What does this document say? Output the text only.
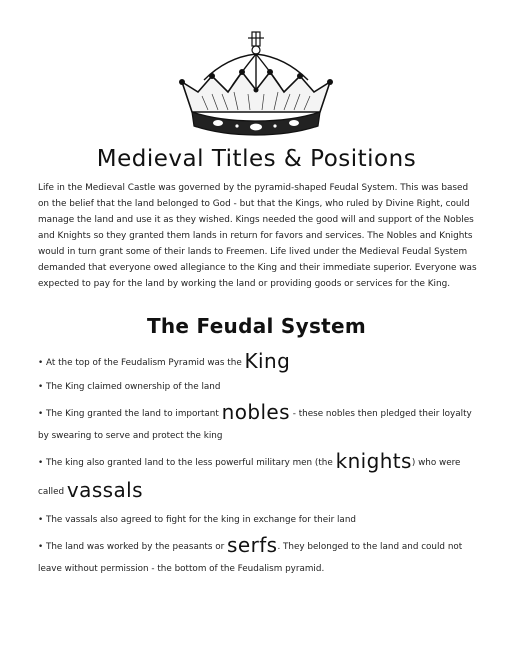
Medieval Titles & Positions

Life in the Medieval Castle was governed by the pyramid-shaped Feudal System. This was based on the belief that the land belonged to God - but that the Kings, who ruled by Divine Right, could manage the land and use it as they wished. Kings needed the good will and support of the Nobles and Knights so they granted them lands in return for favors and services. The Nobles and Knights would in turn grant some of their lands to Freemen. Life lived under the Medieval Feudal System demanded that everyone owed allegiance to the King and their immediate superior. Everyone was expected to pay for the land by working the land or providing goods or services for the King.

The Feudal System
• At the top of the Feudalism Pyramid was the King
• The King claimed ownership of the land
• The King granted the land to important nobles - these nobles then pledged their loyalty by swearing to serve and protect the king
• The king also granted land to the less powerful military men (the knights) who were
called vassals
• The vassals also agreed to fight for the king in exchange for their land
• The land was worked by the peasants or serfs. They belonged to the land and could not leave without permission - the bottom of the Feudalism pyramid.
